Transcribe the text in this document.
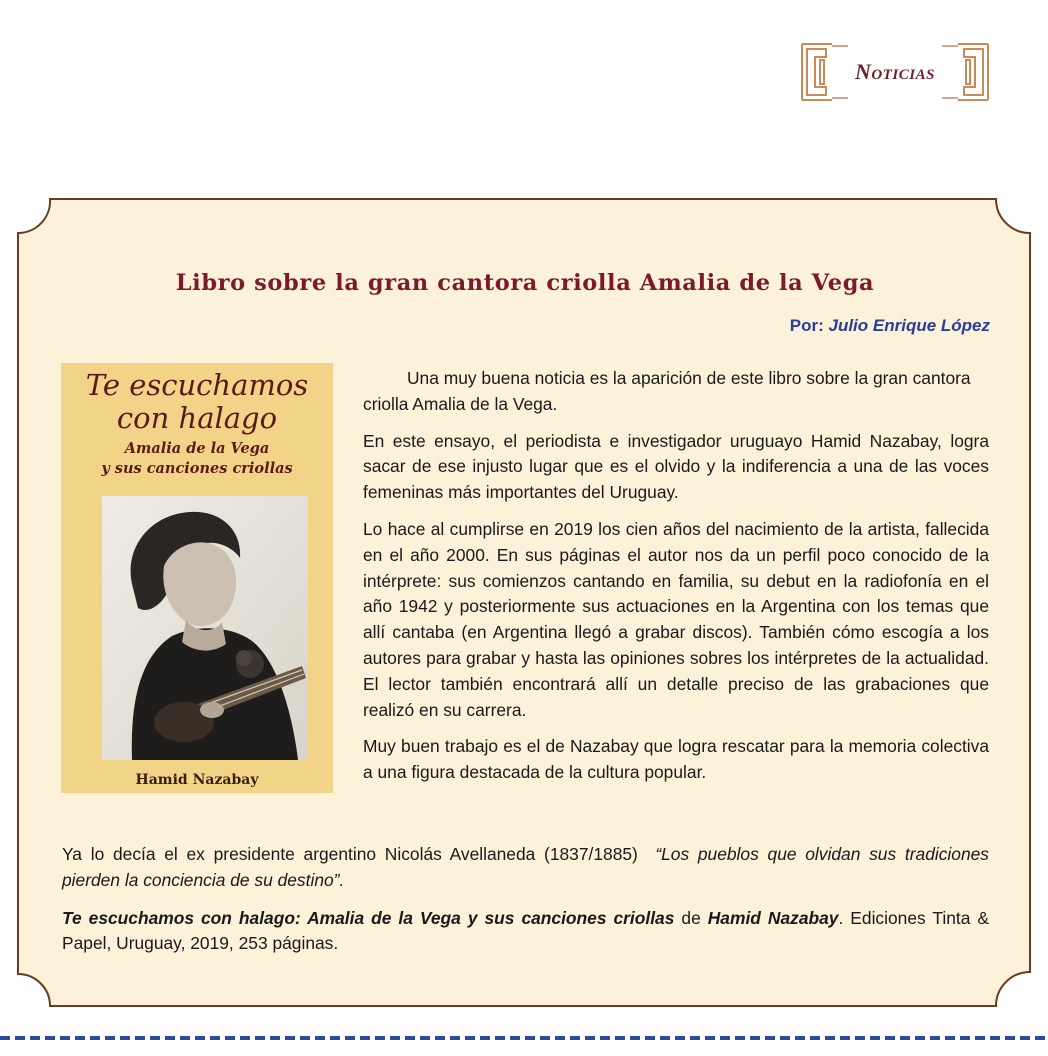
Noticias
Libro sobre la gran cantora criolla Amalia de la Vega
Por: Julio Enrique López
Te escuchamos
con halago
Amalia de la Vega
y sus canciones criollas
Hamid Nazabay

Una muy buena noticia es la aparición de este libro sobre la gran cantora criolla Amalia de la Vega.

En este ensayo, el periodista e investigador uruguayo Hamid Nazabay, logra sacar de ese injusto lugar que es el olvido y la indiferencia a una de las voces femeninas más importantes del Uruguay.

Lo hace al cumplirse en 2019 los cien años del nacimiento de la artista, fallecida en el año 2000. En sus páginas el autor nos da un perfil poco conocido de la intérprete: sus comienzos cantando en familia, su debut en la radiofonía en el año 1942 y posteriormente sus actuaciones en la Argentina con los temas que allí cantaba (en Argentina llegó a grabar discos). También cómo escogía a los autores para grabar y hasta las opiniones sobres los intérpretes de la actualidad. El lector también encontrará allí un detalle preciso de las grabaciones que realizó en su carrera.

Muy buen trabajo es el de Nazabay que logra rescatar para la memoria colectiva a una figura destacada de la cultura popular.

Ya lo decía el ex presidente argentino Nicolás Avellaneda (1837/1885) “Los pueblos que olvidan sus tradiciones pierden la conciencia de su destino”.

Te escuchamos con halago: Amalia de la Vega y sus canciones criollas de Hamid Nazabay. Ediciones Tinta & Papel, Uruguay, 2019, 253 páginas.
